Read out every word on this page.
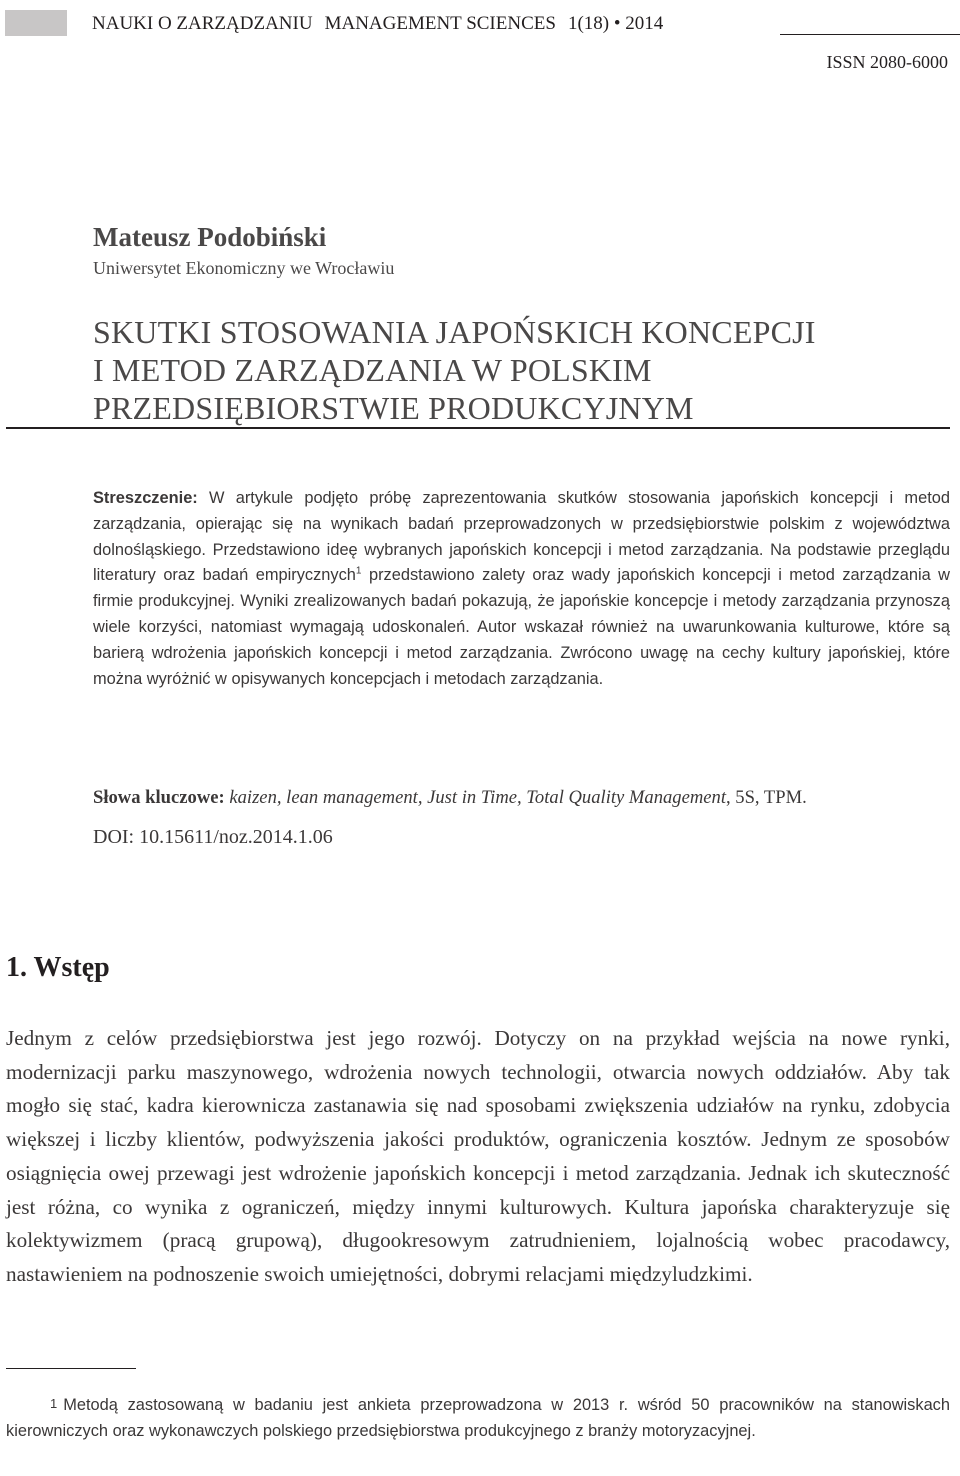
NAUKI O ZARZĄDZANIU MANAGEMENT SCIENCES 1(18) • 2014
ISSN 2080-6000
Mateusz Podobiński
Uniwersytet Ekonomiczny we Wrocławiu
SKUTKI STOSOWANIA JAPOŃSKICH KONCEPCJI
I METOD ZARZĄDZANIA W POLSKIM
PRZEDSIĘBIORSTWIE PRODUKCYJNYM
Streszczenie: W artykule podjęto próbę zaprezentowania skutków stosowania japońskich koncepcji i metod zarządzania, opierając się na wynikach badań przeprowadzonych w przedsiębiorstwie polskim z województwa dolnośląskiego. Przedstawiono ideę wybranych japońskich koncepcji i metod zarządzania. Na podstawie przeglądu literatury oraz badań empirycznych$^1$ przedstawiono zalety oraz wady japońskich koncepcji i metod zarządzania w firmie produkcyjnej. Wyniki zrealizowanych badań pokazują, że japońskie koncepcje i metody zarządzania przynoszą wiele korzyści, natomiast wymagają udoskonaleń. Autor wskazał również na uwarunkowania kulturowe, które są barierą wdrożenia japońskich koncepcji i metod zarządzania. Zwrócono uwagę na cechy kultury japońskiej, które można wyróżnić w opisywanych koncepcjach i metodach zarządzania.
Słowa kluczowe: kaizen, lean management, Just in Time, Total Quality Management, 5S, TPM.
DOI: 10.15611/noz.2014.1.06
1. Wstęp
Jednym z celów przedsiębiorstwa jest jego rozwój. Dotyczy on na przykład wejścia na nowe rynki, modernizacji parku maszynowego, wdrożenia nowych technologii, otwarcia nowych oddziałów. Aby tak mogło się stać, kadra kierownicza zastanawia się nad sposobami zwiększenia udziałów na rynku, zdobycia większej i liczby klientów, podwyższenia jakości produktów, ograniczenia kosztów. Jednym ze sposobów osiągnięcia owej przewagi jest wdrożenie japońskich koncepcji i metod zarządzania. Jednak ich skuteczność jest różna, co wynika z ograniczeń, między innymi kulturowych. Kultura japońska charakteryzuje się kolektywizmem (pracą grupową), długookresowym zatrudnieniem, lojalnością wobec pracodawcy, nastawieniem na podnoszenie swoich umiejętności, dobrymi relacjami międzyludzkimi.
1 Metodą zastosowaną w badaniu jest ankieta przeprowadzona w 2013 r. wśród 50 pracowników na stanowiskach kierowniczych oraz wykonawczych polskiego przedsiębiorstwa produkcyjnego z branży motoryzacyjnej.
